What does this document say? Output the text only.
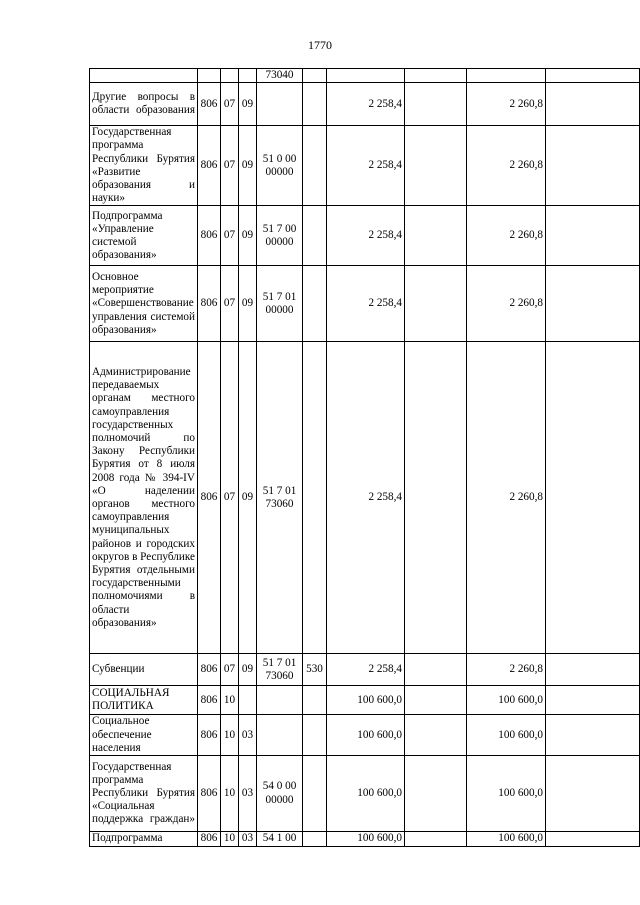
1770
				73040					
Другие вопросы в области образования	806	07	09			2 258,4		2 260,8	
Государственная программа Республики Бурятия «Развитие образования и науки»	806	07	09	51 0 00 00000		2 258,4		2 260,8	
Подпрограмма «Управление системой образования»	806	07	09	51 7 00 00000		2 258,4		2 260,8	
Основное мероприятие «Совершенствование управления системой образования»	806	07	09	51 7 01 00000		2 258,4		2 260,8	
Администрирование передаваемых органам местного самоуправления государственных полномочий по Закону Республики Бурятия от 8 июля 2008 года № 394-IV «О наделении органов местного самоуправления муниципальных районов и городских округов в Республике Бурятия отдельными государственными полномочиями в области образования»	806	07	09	51 7 01 73060		2 258,4		2 260,8	
Субвенции	806	07	09	51 7 01 73060	530	2 258,4		2 260,8	
СОЦИАЛЬНАЯ ПОЛИТИКА	806	10				100 600,0		100 600,0	
Социальное обеспечение населения	806	10	03			100 600,0		100 600,0	
Государственная программа Республики Бурятия «Социальная поддержка граждан»	806	10	03	54 0 00 00000		100 600,0		100 600,0	
Подпрограмма	806	10	03	54 1 00		100 600,0		100 600,0	
